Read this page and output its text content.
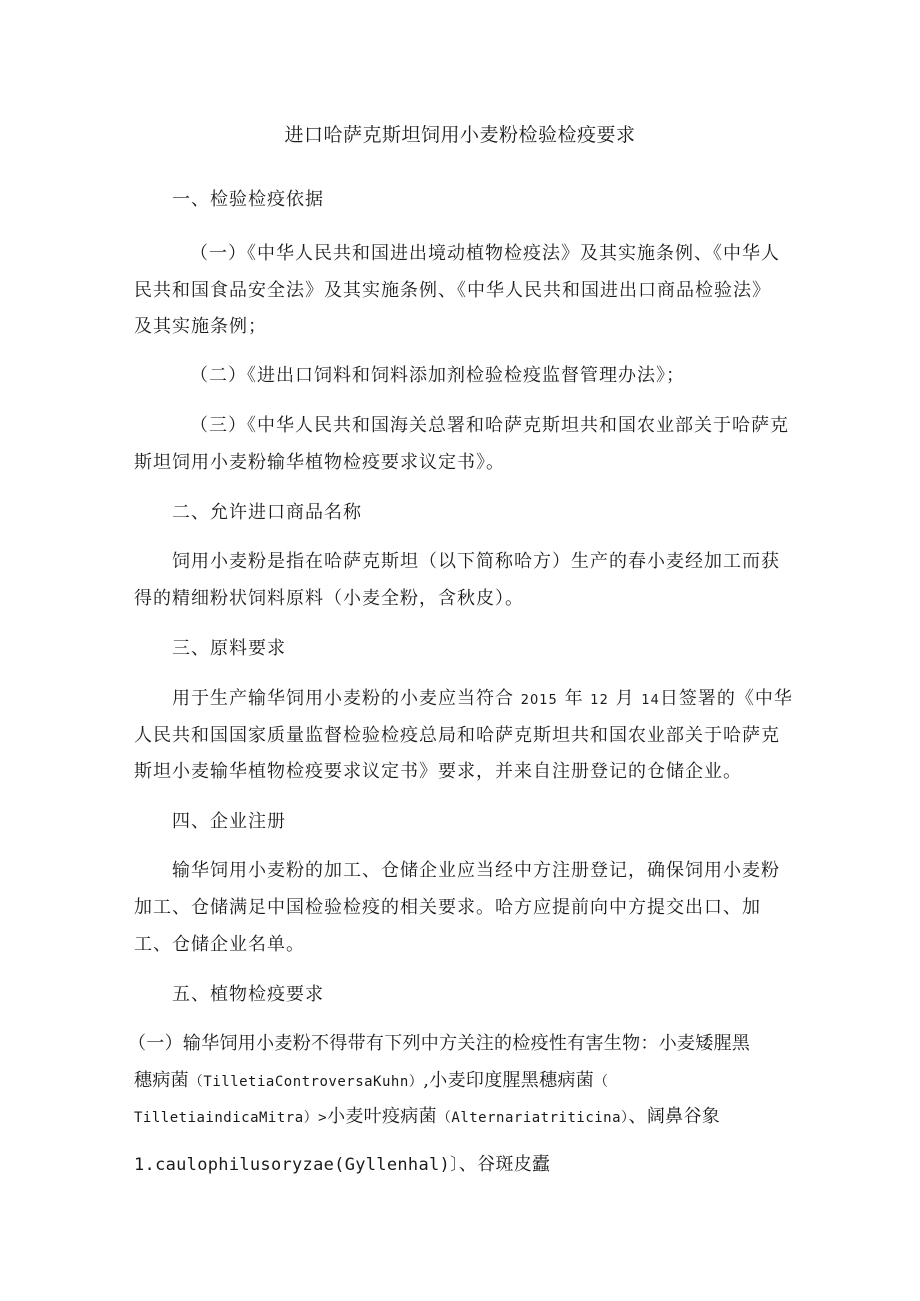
进口哈萨克斯坦饲用小麦粉检验检疫要求
一、检验检疫依据
（一）《中华人民共和国进出境动植物检疫法》及其实施条例、《中华人
民共和国食品安全法》及其实施条例、《中华人民共和国进出口商品检验法》
及其实施条例；
（二）《进出口饲料和饲料添加剂检验检疫监督管理办法》；
（三）《中华人民共和国海关总署和哈萨克斯坦共和国农业部关于哈萨克
斯坦饲用小麦粉输华植物检疫要求议定书》。
二、允许进口商品名称
饲用小麦粉是指在哈萨克斯坦（以下简称哈方）生产的春小麦经加工而获
得的精细粉状饲料原料（小麦全粉，含秋皮）。
三、原料要求
用于生产输华饲用小麦粉的小麦应当符合 2015 年 12 月 14日签署的《中华
人民共和国国家质量监督检验检疫总局和哈萨克斯坦共和国农业部关于哈萨克
斯坦小麦输华植物检疫要求议定书》要求，并来自注册登记的仓储企业。
四、企业注册
输华饲用小麦粉的加工、仓储企业应当经中方注册登记，确保饲用小麦粉
加工、仓储满足中国检验检疫的相关要求。哈方应提前向中方提交出口、加
工、仓储企业名单。
五、植物检疫要求
（一）输华饲用小麦粉不得带有下列中方关注的检疫性有害生物：小麦矮腥黑
穗病菌（TilletiaControversaKuhn）,小麦印度腥黑穗病菌（
TilletiaindicaMitra）>小麦叶疫病菌（Alternariatriticina）、阔鼻谷象
1.caulophilusoryzae(Gyllenhal)〕、谷斑皮蠹
